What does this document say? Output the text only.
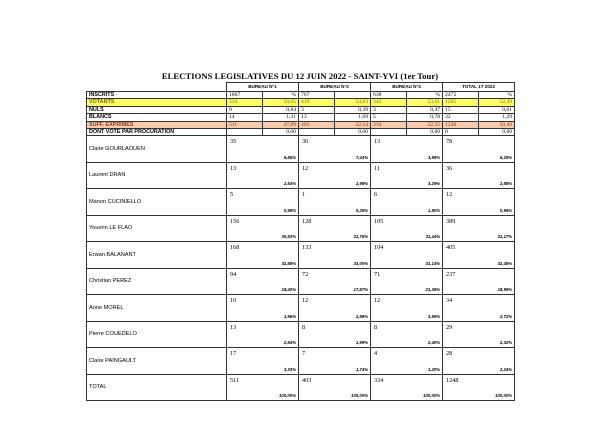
ELECTIONS LEGISLATIVES DU 12 JUIN 2022 - SAINT-YVI (1er Tour)
	BUREAU N°1		BUREAU N°2		BUREAU N°3		TOTAL 1T 2022	
INSCRITS	1067	%	767		638	%	2472	%
VOTANTS	534	50,05	419	54,63	342	53,61	1295	52,39
NULS	9	0,84	3	0,39	3	0,47	15	0,61
BLANCS	14	1,31	13	1,69	5	0,78	32	1,29
SUFF. EXPRIMES	511	47,89	403	52,54	334	52,35	1248	50,49
DONT VOTE PAR PROCURATION		0,00		0,00		0,00	0	0,00
Claire GOURLAOUEN	35	6,85%	30	7,44%	13	3,89%	78	6,25%

Laurent DRAN	13	2,54%	12	2,98%	11	3,29%	36	2,88%

Manon CUCINIELLO	5	0,98%	1	0,25%	6	1,80%	12	0,96%

Youenn LE FLAO	156	30,53%	128	31,76%	105	31,44%	389	31,17%

Erwan BALANANT	168	32,88%	133	33,00%	104	31,14%	405	32,45%

Christian PEREZ	94	18,40%	72	17,87%	71	21,26%	237	18,99%

Anne MOREL	10	1,96%	12	2,98%	12	3,59%	34	2,72%

Pierre COUEDELO	13	2,54%	8	1,99%	8	2,40%	29	2,32%

Claire PAINGAULT	17	3,33%	7	1,74%	4	1,20%	28	2,24%

TOTAL	511	100,00%	403	100,00%	334	100,00%	1248	100,00%
